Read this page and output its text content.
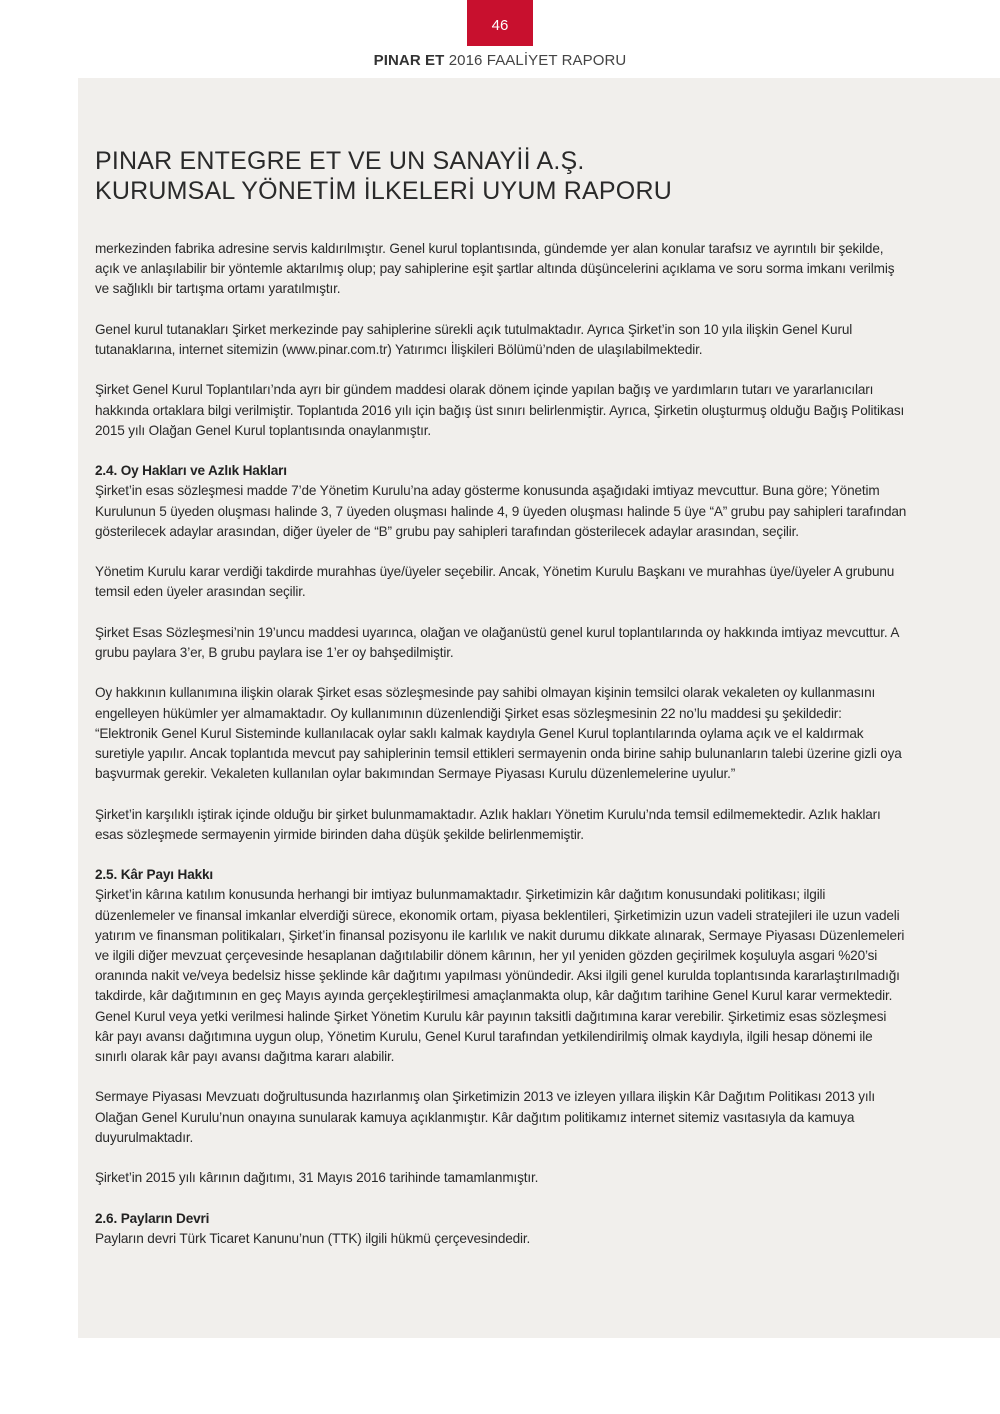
46
PINAR ET 2016 FAALİYET RAPORU
PINAR ENTEGRE ET VE UN SANAYİİ A.Ş.
KURUMSAL YÖNETİM İLKELERİ UYUM RAPORU

merkezinden fabrika adresine servis kaldırılmıştır. Genel kurul toplantısında, gündemde yer alan konular tarafsız ve ayrıntılı bir şekilde, açık ve anlaşılabilir bir yöntemle aktarılmış olup; pay sahiplerine eşit şartlar altında düşüncelerini açıklama ve soru sorma imkanı verilmiş ve sağlıklı bir tartışma ortamı yaratılmıştır.

Genel kurul tutanakları Şirket merkezinde pay sahiplerine sürekli açık tutulmaktadır. Ayrıca Şirket’in son 10 yıla ilişkin Genel Kurul tutanaklarına, internet sitemizin (www.pinar.com.tr) Yatırımcı İlişkileri Bölümü’nden de ulaşılabilmektedir.

Şirket Genel Kurul Toplantıları’nda ayrı bir gündem maddesi olarak dönem içinde yapılan bağış ve yardımların tutarı ve yararlanıcıları hakkında ortaklara bilgi verilmiştir. Toplantıda 2016 yılı için bağış üst sınırı belirlenmiştir. Ayrıca, Şirketin oluşturmuş olduğu Bağış Politikası 2015 yılı Olağan Genel Kurul toplantısında onaylanmıştır.

2.4. Oy Hakları ve Azlık Hakları

Şirket’in esas sözleşmesi madde 7’de Yönetim Kurulu’na aday gösterme konusunda aşağıdaki imtiyaz mevcuttur. Buna göre; Yönetim Kurulunun 5 üyeden oluşması halinde 3, 7 üyeden oluşması halinde 4, 9 üyeden oluşması halinde 5 üye “A” grubu pay sahipleri tarafından gösterilecek adaylar arasından, diğer üyeler de “B” grubu pay sahipleri tarafından gösterilecek adaylar arasından, seçilir.

Yönetim Kurulu karar verdiği takdirde murahhas üye/üyeler seçebilir. Ancak, Yönetim Kurulu Başkanı ve murahhas üye/üyeler A grubunu temsil eden üyeler arasından seçilir.

Şirket Esas Sözleşmesi’nin 19’uncu maddesi uyarınca, olağan ve olağanüstü genel kurul toplantılarında oy hakkında imtiyaz mevcuttur. A grubu paylara 3’er, B grubu paylara ise 1’er oy bahşedilmiştir.

Oy hakkının kullanımına ilişkin olarak Şirket esas sözleşmesinde pay sahibi olmayan kişinin temsilci olarak vekaleten oy kullanmasını engelleyen hükümler yer almamaktadır. Oy kullanımının düzenlendiği Şirket esas sözleşmesinin 22 no’lu maddesi şu şekildedir:

“Elektronik Genel Kurul Sisteminde kullanılacak oylar saklı kalmak kaydıyla Genel Kurul toplantılarında oylama açık ve el kaldırmak suretiyle yapılır. Ancak toplantıda mevcut pay sahiplerinin temsil ettikleri sermayenin onda birine sahip bulunanların talebi üzerine gizli oya başvurmak gerekir. Vekaleten kullanılan oylar bakımından Sermaye Piyasası Kurulu düzenlemelerine uyulur.”

Şirket’in karşılıklı iştirak içinde olduğu bir şirket bulunmamaktadır. Azlık hakları Yönetim Kurulu’nda temsil edilmemektedir. Azlık hakları esas sözleşmede sermayenin yirmide birinden daha düşük şekilde belirlenmemiştir.

2.5. Kâr Payı Hakkı

Şirket’in kârına katılım konusunda herhangi bir imtiyaz bulunmamaktadır. Şirketimizin kâr dağıtım konusundaki politikası; ilgili düzenlemeler ve finansal imkanlar elverdiği sürece, ekonomik ortam, piyasa beklentileri, Şirketimizin uzun vadeli stratejileri ile uzun vadeli yatırım ve finansman politikaları, Şirket’in finansal pozisyonu ile karlılık ve nakit durumu dikkate alınarak, Sermaye Piyasası Düzenlemeleri ve ilgili diğer mevzuat çerçevesinde hesaplanan dağıtılabilir dönem kârının, her yıl yeniden gözden geçirilmek koşuluyla asgari %20’si oranında nakit ve/veya bedelsiz hisse şeklinde kâr dağıtımı yapılması yönündedir. Aksi ilgili genel kurulda toplantısında kararlaştırılmadığı takdirde, kâr dağıtımının en geç Mayıs ayında gerçekleştirilmesi amaçlanmakta olup, kâr dağıtım tarihine Genel Kurul karar vermektedir. Genel Kurul veya yetki verilmesi halinde Şirket Yönetim Kurulu kâr payının taksitli dağıtımına karar verebilir. Şirketimiz esas sözleşmesi kâr payı avansı dağıtımına uygun olup, Yönetim Kurulu, Genel Kurul tarafından yetkilendirilmiş olmak kaydıyla, ilgili hesap dönemi ile sınırlı olarak kâr payı avansı dağıtma kararı alabilir.

Sermaye Piyasası Mevzuatı doğrultusunda hazırlanmış olan Şirketimizin 2013 ve izleyen yıllara ilişkin Kâr Dağıtım Politikası 2013 yılı Olağan Genel Kurulu’nun onayına sunularak kamuya açıklanmıştır. Kâr dağıtım politikamız internet sitemiz vasıtasıyla da kamuya duyurulmaktadır.

Şirket’in 2015 yılı kârının dağıtımı, 31 Mayıs 2016 tarihinde tamamlanmıştır.

2.6. Payların Devri

Payların devri Türk Ticaret Kanunu’nun (TTK) ilgili hükmü çerçevesindedir.
